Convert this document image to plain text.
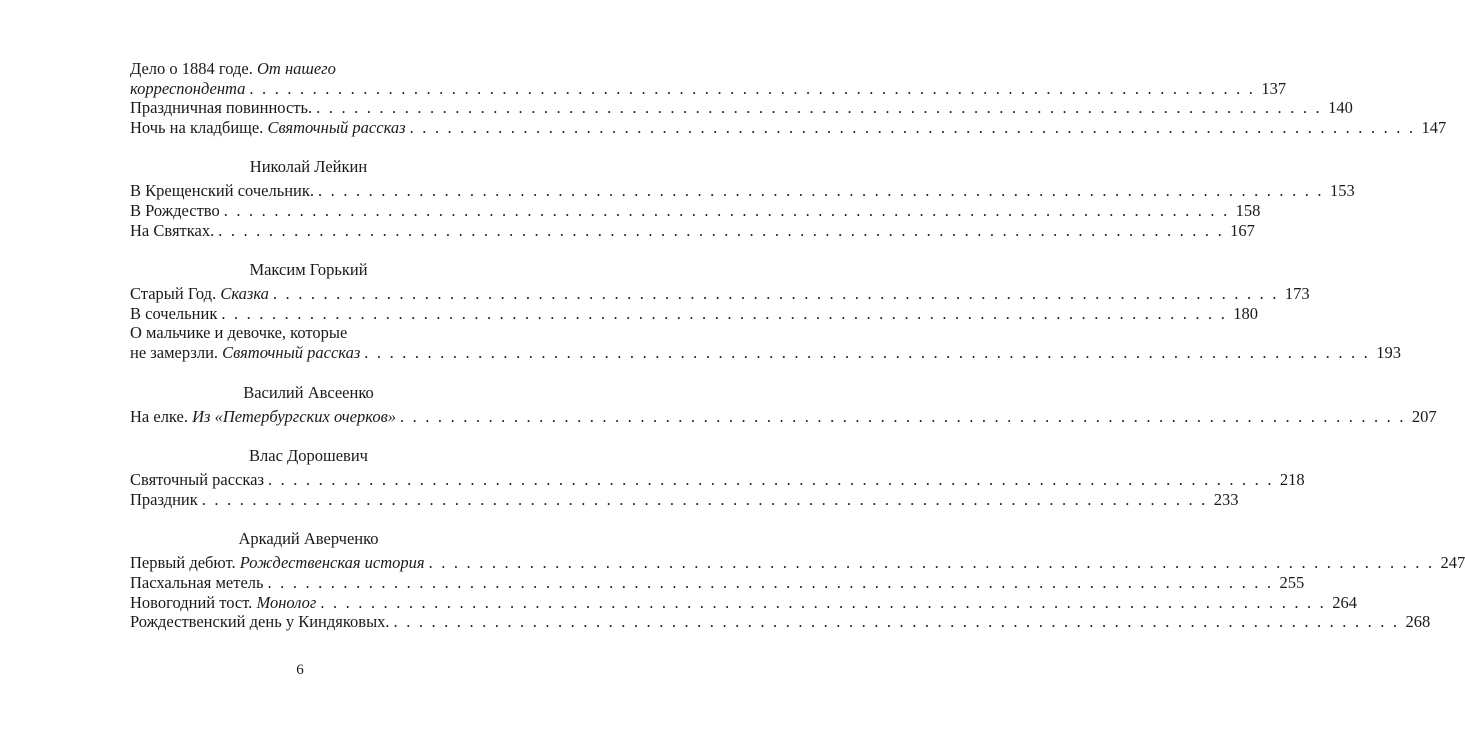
Дело о 1884 годе. От нашего
корреспондента . . . . . . . . . . . . . . . . . . . . . . . . . . . . . . . . . . . . . . . . . . . . . . . . . . . . . . . . . . . . . . . . . . . . . . . . . . . . . . . . 137
Праздничная повинность. . . . . . . . . . . . . . . . . . . . . . . . . . . . . . . . . . . . . . . . . . . . . . . . . . . . . . . . . . . . . . . . . . . . . . . . . . . . . . . . . 140
Ночь на кладбище. Святочный рассказ . . . . . . . . . . . . . . . . . . . . . . . . . . . . . . . . . . . . . . . . . . . . . . . . . . . . . . . . . . . . . . . . . . . . . . . . . . . . . . . . 147
Николай Лейкин
В Крещенский сочельник. . . . . . . . . . . . . . . . . . . . . . . . . . . . . . . . . . . . . . . . . . . . . . . . . . . . . . . . . . . . . . . . . . . . . . . . . . . . . . . . . 153
В Рождество . . . . . . . . . . . . . . . . . . . . . . . . . . . . . . . . . . . . . . . . . . . . . . . . . . . . . . . . . . . . . . . . . . . . . . . . . . . . . . . . 158
На Святках. . . . . . . . . . . . . . . . . . . . . . . . . . . . . . . . . . . . . . . . . . . . . . . . . . . . . . . . . . . . . . . . . . . . . . . . . . . . . . . . . 167
Максим Горький
Старый Год. Сказка . . . . . . . . . . . . . . . . . . . . . . . . . . . . . . . . . . . . . . . . . . . . . . . . . . . . . . . . . . . . . . . . . . . . . . . . . . . . . . . . 173
В сочельник . . . . . . . . . . . . . . . . . . . . . . . . . . . . . . . . . . . . . . . . . . . . . . . . . . . . . . . . . . . . . . . . . . . . . . . . . . . . . . . . 180
О мальчике и девочке, которые
не замерзли. Святочный рассказ . . . . . . . . . . . . . . . . . . . . . . . . . . . . . . . . . . . . . . . . . . . . . . . . . . . . . . . . . . . . . . . . . . . . . . . . . . . . . . . . 193
Василий Авсеенко
На елке. Из «Петербургских очерков» . . . . . . . . . . . . . . . . . . . . . . . . . . . . . . . . . . . . . . . . . . . . . . . . . . . . . . . . . . . . . . . . . . . . . . . . . . . . . . . . 207
Влас Дорошевич
Святочный рассказ . . . . . . . . . . . . . . . . . . . . . . . . . . . . . . . . . . . . . . . . . . . . . . . . . . . . . . . . . . . . . . . . . . . . . . . . . . . . . . . . 218
Праздник . . . . . . . . . . . . . . . . . . . . . . . . . . . . . . . . . . . . . . . . . . . . . . . . . . . . . . . . . . . . . . . . . . . . . . . . . . . . . . . . 233
Аркадий Аверченко
Первый дебют. Рождественская история . . . . . . . . . . . . . . . . . . . . . . . . . . . . . . . . . . . . . . . . . . . . . . . . . . . . . . . . . . . . . . . . . . . . . . . . . . . . . . . . 247
Пасхальная метель . . . . . . . . . . . . . . . . . . . . . . . . . . . . . . . . . . . . . . . . . . . . . . . . . . . . . . . . . . . . . . . . . . . . . . . . . . . . . . . . 255
Новогодний тост. Монолог . . . . . . . . . . . . . . . . . . . . . . . . . . . . . . . . . . . . . . . . . . . . . . . . . . . . . . . . . . . . . . . . . . . . . . . . . . . . . . . . 264
Рождественский день у Киндяковых. . . . . . . . . . . . . . . . . . . . . . . . . . . . . . . . . . . . . . . . . . . . . . . . . . . . . . . . . . . . . . . . . . . . . . . . . . . . . . . . . 268
6
